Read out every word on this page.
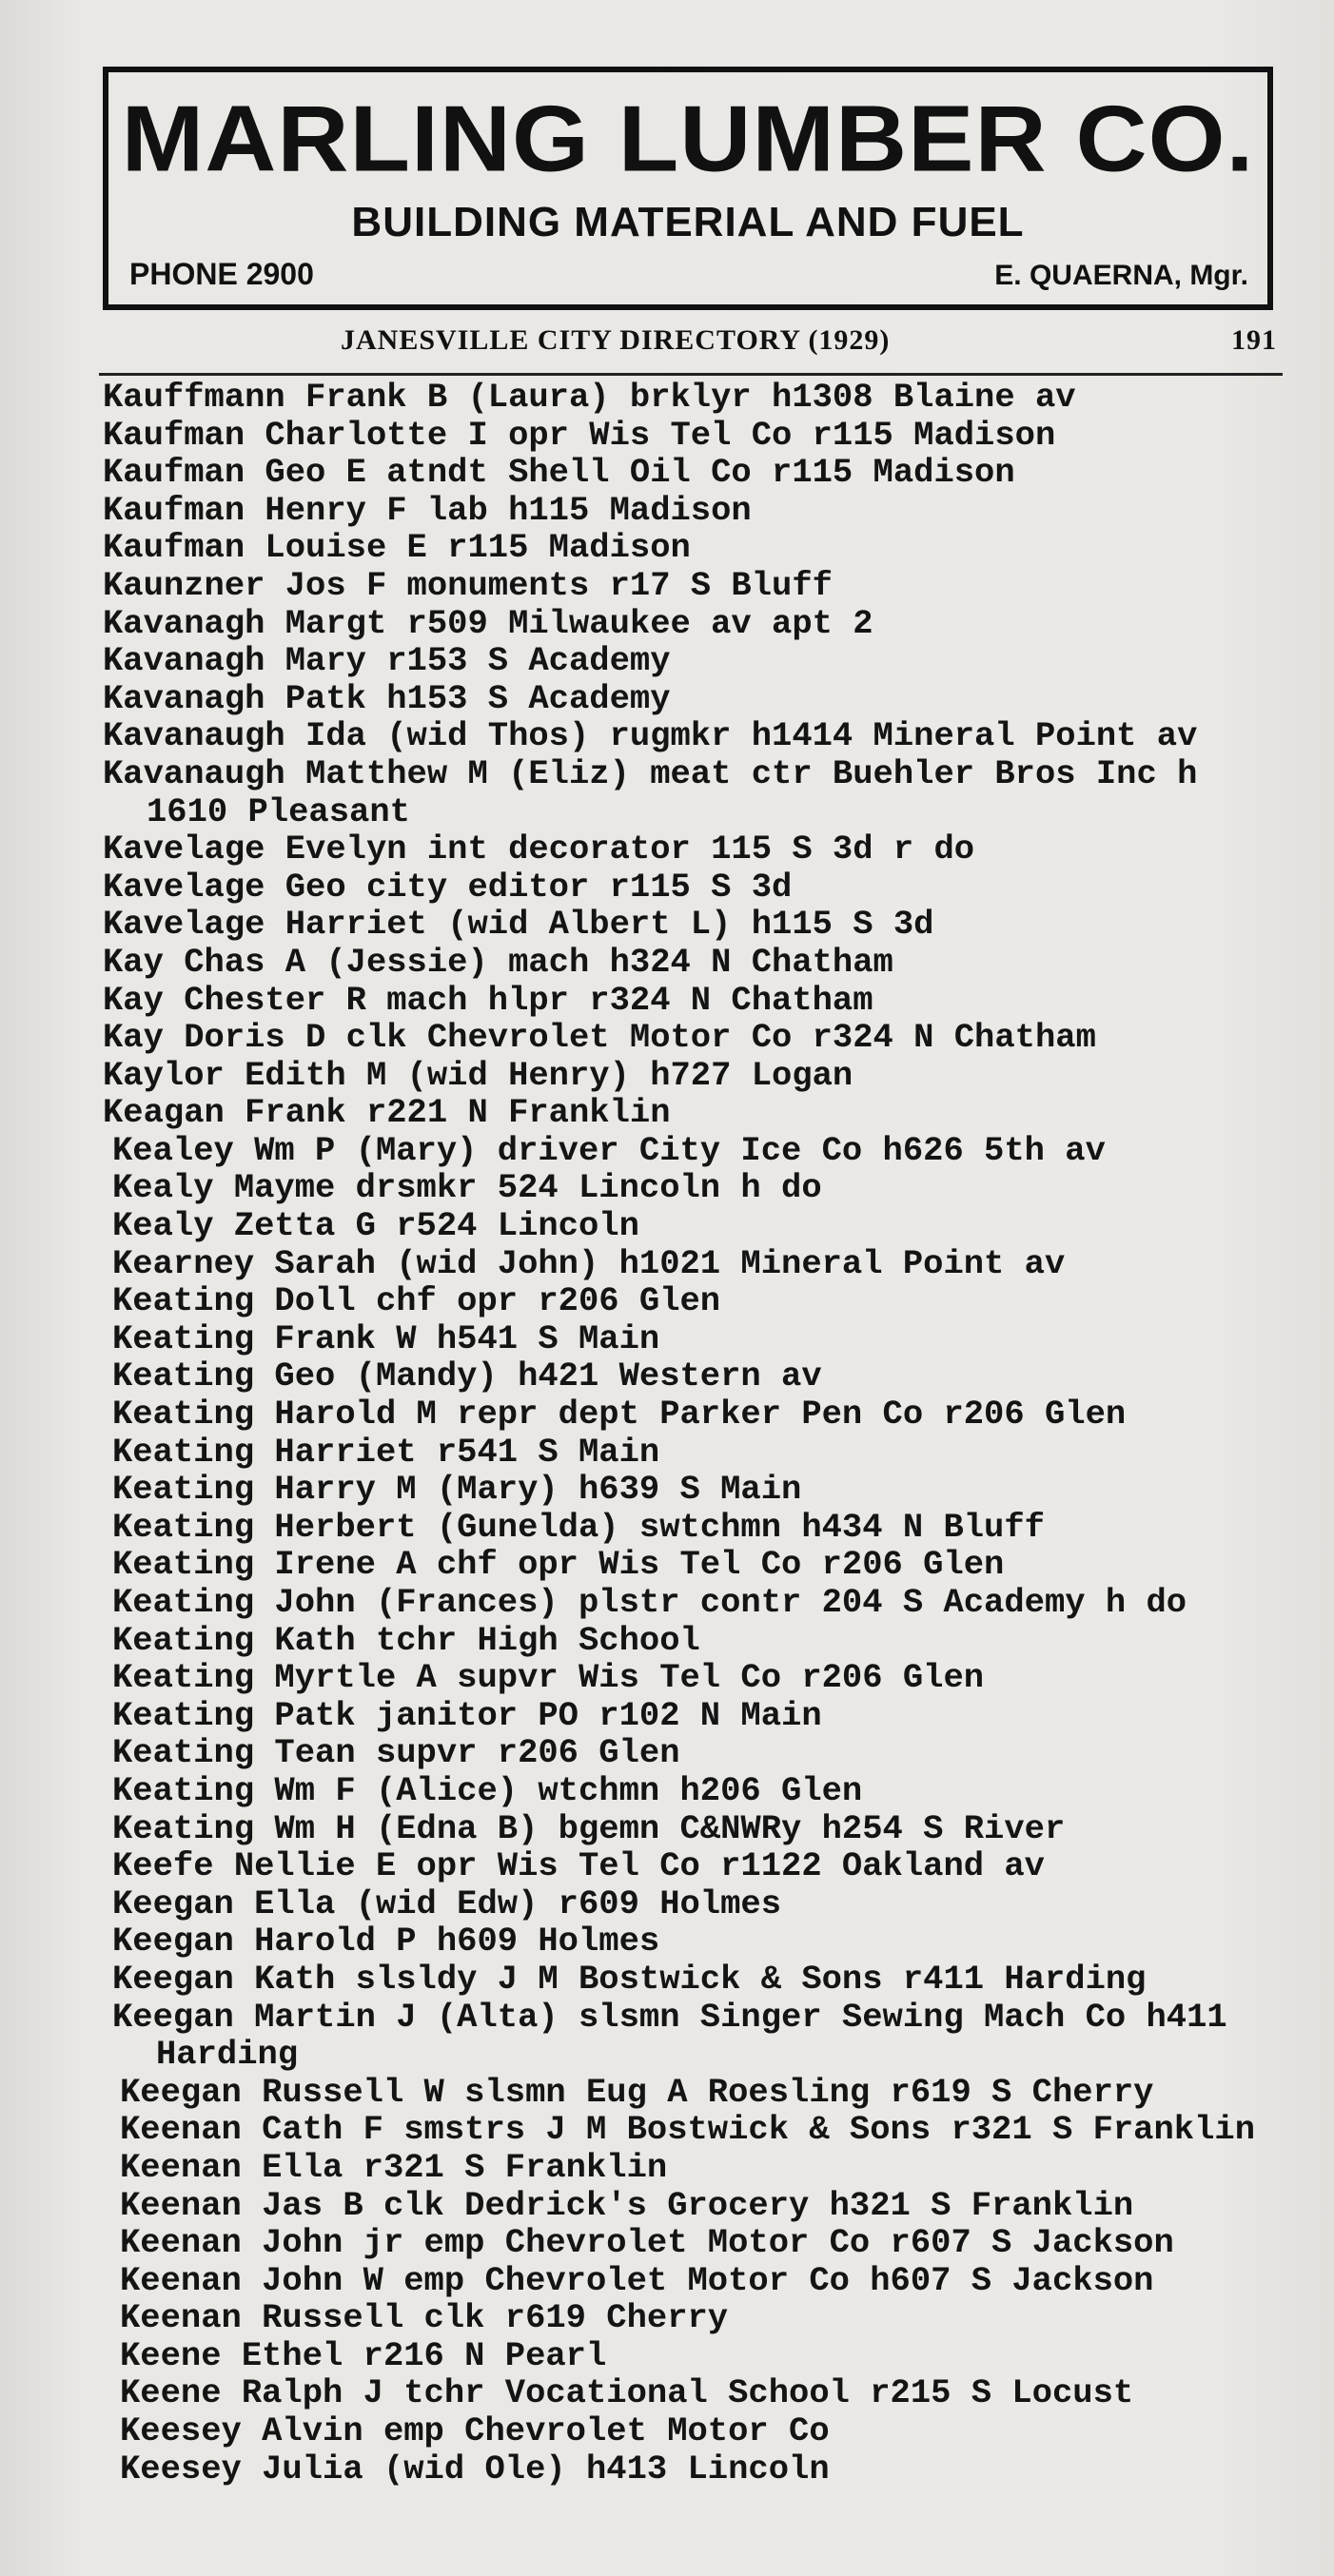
MARLING LUMBER CO.
BUILDING MATERIAL AND FUEL
PHONE 2900	E. QUAERNA, Mgr.
JANESVILLE CITY DIRECTORY (1929)	191
Kauffmann Frank B (Laura) brklyr h1308 Blaine av
Kaufman Charlotte I opr Wis Tel Co r115 Madison
Kaufman Geo E atndt Shell Oil Co r115 Madison
Kaufman Henry F lab h115 Madison
Kaufman Louise E r115 Madison
Kaunzner Jos F monuments r17 S Bluff
Kavanagh Margt r509 Milwaukee av apt 2
Kavanagh Mary r153 S Academy
Kavanagh Patk h153 S Academy
Kavanaugh Ida (wid Thos) rugmkr h1414 Mineral Point av
Kavanaugh Matthew M (Eliz) meat ctr Buehler Bros Inc h 1610 Pleasant
Kavelage Evelyn int decorator 115 S 3d r do
Kavelage Geo city editor r115 S 3d
Kavelage Harriet (wid Albert L) h115 S 3d
Kay Chas A (Jessie) mach h324 N Chatham
Kay Chester R mach hlpr r324 N Chatham
Kay Doris D clk Chevrolet Motor Co r324 N Chatham
Kaylor Edith M (wid Henry) h727 Logan
Keagan Frank r221 N Franklin
Kealey Wm P (Mary) driver City Ice Co h626 5th av
Kealy Mayme drsmkr 524 Lincoln h do
Kealy Zetta G r524 Lincoln
Kearney Sarah (wid John) h1021 Mineral Point av
Keating Doll chf opr r206 Glen
Keating Frank W h541 S Main
Keating Geo (Mandy) h421 Western av
Keating Harold M repr dept Parker Pen Co r206 Glen
Keating Harriet r541 S Main
Keating Harry M (Mary) h639 S Main
Keating Herbert (Gunelda) swtchmn h434 N Bluff
Keating Irene A chf opr Wis Tel Co r206 Glen
Keating John (Frances) plstr contr 204 S Academy h do
Keating Kath tchr High School
Keating Myrtle A supvr Wis Tel Co r206 Glen
Keating Patk janitor PO r102 N Main
Keating Tean supvr r206 Glen
Keating Wm F (Alice) wtchmn h206 Glen
Keating Wm H (Edna B) bgemn C&NWRy h254 S River
Keefe Nellie E opr Wis Tel Co r1122 Oakland av
Keegan Ella (wid Edw) r609 Holmes
Keegan Harold P h609 Holmes
Keegan Kath slsldy J M Bostwick & Sons r411 Harding
Keegan Martin J (Alta) slsmn Singer Sewing Mach Co h411 Harding
Keegan Russell W slsmn Eug A Roesling r619 S Cherry
Keenan Cath F smstrs J M Bostwick & Sons r321 S Franklin
Keenan Ella r321 S Franklin
Keenan Jas B clk Dedrick's Grocery h321 S Franklin
Keenan John jr emp Chevrolet Motor Co r607 S Jackson
Keenan John W emp Chevrolet Motor Co h607 S Jackson
Keenan Russell clk r619 Cherry
Keene Ethel r216 N Pearl
Keene Ralph J tchr Vocational School r215 S Locust
Keesey Alvin emp Chevrolet Motor Co
Keesey Julia (wid Ole) h413 Lincoln
